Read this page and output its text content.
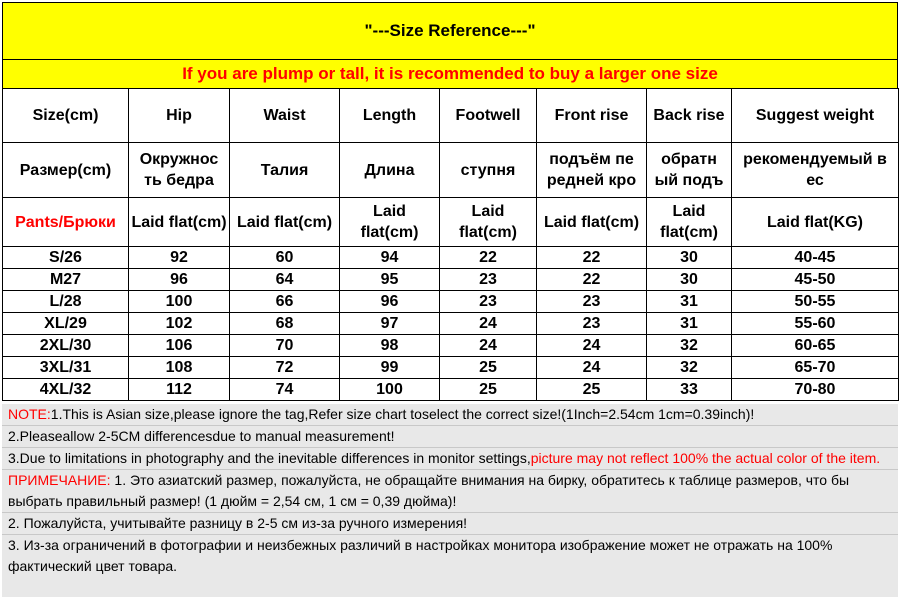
"---Size Reference---"
If you are plump or tall, it is recommended to buy a larger one size
Size(cm)	Hip	Waist	Length	Footwell	Front rise	Back rise	Suggest weight
Размер(cm)	Окружнос ть бедра	Талия	Длина	ступня	подъём пе редней кро	обратн ый подъ	рекомендуемый в ес
Pants/Брюки	Laid flat(cm)	Laid flat(cm)	Laid flat(cm)	Laid flat(cm)	Laid flat(cm)	Laid flat(cm)	Laid flat(KG)
S/26	92	60	94	22	22	30	40-45
M27	96	64	95	23	22	30	45-50
L/28	100	66	96	23	23	31	50-55
XL/29	102	68	97	24	23	31	55-60
2XL/30	106	70	98	24	24	32	60-65
3XL/31	108	72	99	25	24	32	65-70
4XL/32	112	74	100	25	25	33	70-80

NOTE:1.This is Asian size,please ignore the tag,Refer size chart toselect the correct size!(1Inch=2.54cm 1cm=0.39inch)!

2.Pleaseallow 2-5CM differencesdue to manual measurement!

3.Due to limitations in photography and the inevitable differences in monitor settings,picture may not reflect 100% the actual color of the item.

ПРИМЕЧАНИЕ: 1. Это азиатский размер, пожалуйста, не обращайте внимания на бирку, обратитесь к таблице размеров, что бы выбрать правильный размер! (1 дюйм = 2,54 см, 1 см = 0,39 дюйма)!

2. Пожалуйста, учитывайте разницу в 2-5 см из-за ручного измерения!

3. Из-за ограничений в фотографии и неизбежных различий в настройках монитора изображение может не отражать на 100% фактический цвет товара.
